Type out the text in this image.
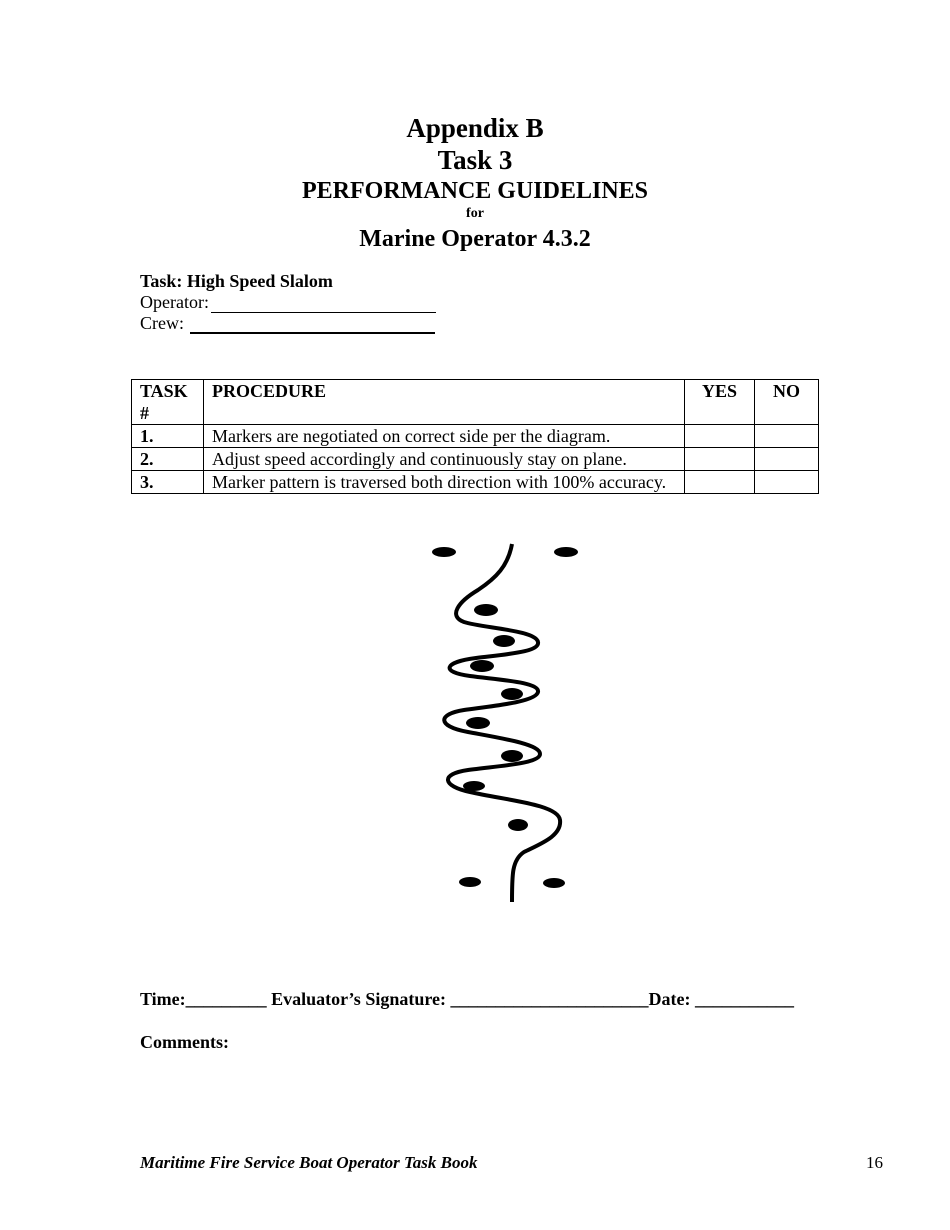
Appendix B
Task 3
PERFORMANCE GUIDELINES
for
Marine Operator 4.3.2
Task: High Speed Slalom
Operator:
Crew:
TASK
#	PROCEDURE	YES	NO
1.	Markers are negotiated on correct side per the diagram.		
2.	Adjust speed accordingly and continuously stay on plane.		
3.	Marker pattern is traversed both direction with 100% accuracy.		
Time:_________ Evaluator’s Signature: ______________________Date: ___________
Comments:
Maritime Fire Service Boat Operator Task Book	16
